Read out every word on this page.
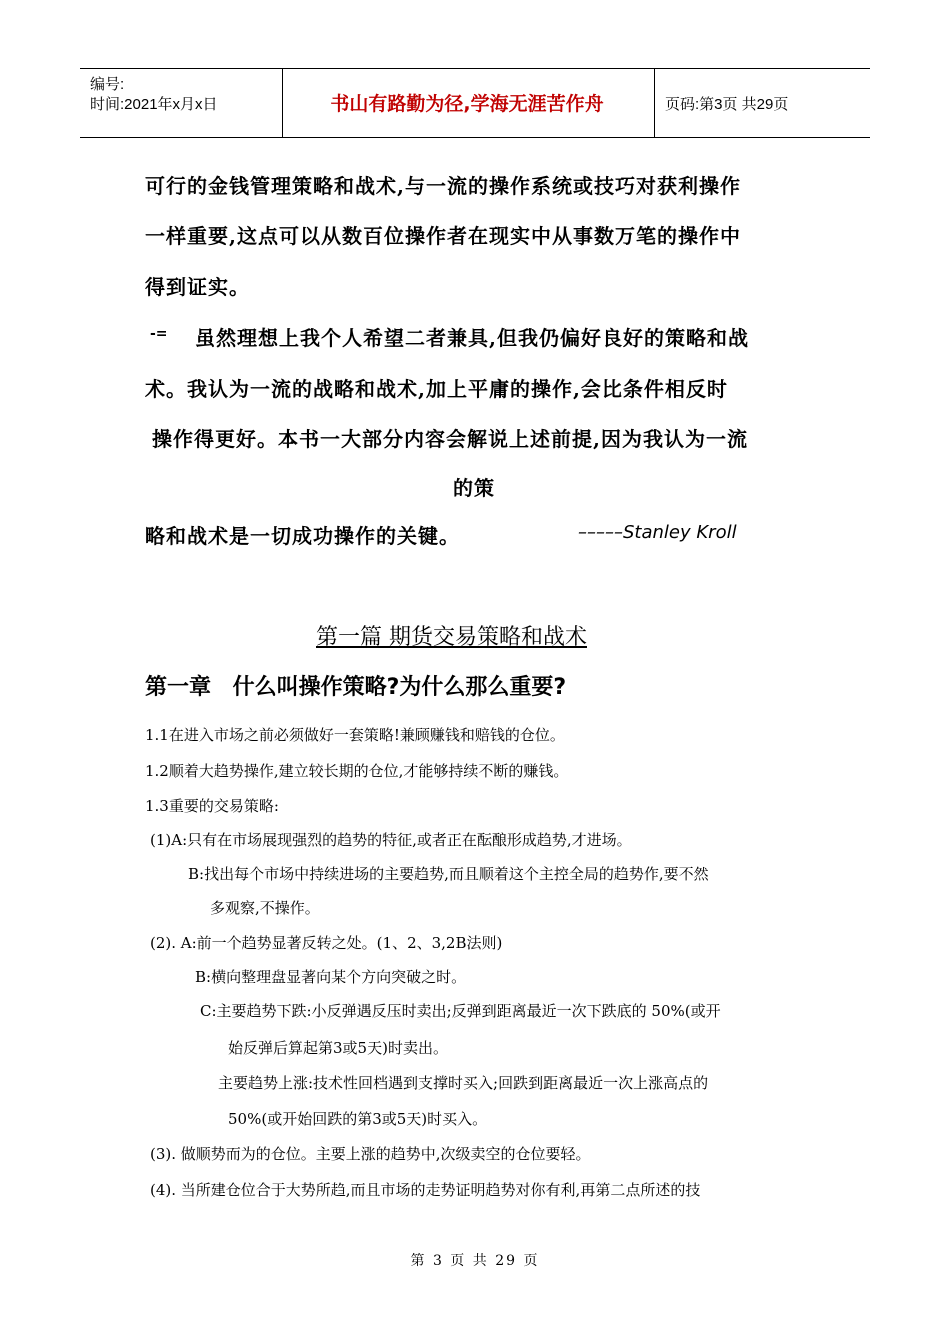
编号:
时间:2021年x月x日	书山有路勤为径,学海无涯苦作舟	页码:第3页 共29页
可行的金钱管理策略和战术,与一流的操作系统或技巧对获利操作
一样重要,这点可以从数百位操作者在现实中从事数万笔的操作中
得到证实。
-= 虽然理想上我个人希望二者兼具,但我仍偏好良好的策略和战
术。我认为一流的战略和战术,加上平庸的操作,会比条件相反时
操作得更好。本书一大部分内容会解说上述前提,因为我认为一流
的策
略和战术是一切成功操作的关键。	–––––Stanley Kroll
第一篇 期货交易策略和战术
第一章 什么叫操作策略?为什么那么重要?
1.1在进入市场之前必须做好一套策略!兼顾赚钱和赔钱的仓位。
1.2顺着大趋势操作,建立较长期的仓位,才能够持续不断的赚钱。
1.3重要的交易策略:
(1)A:只有在市场展现强烈的趋势的特征,或者正在酝酿形成趋势,才进场。
B:找出每个市场中持续进场的主要趋势,而且顺着这个主控全局的趋势作,要不然
多观察,不操作。
(2). A:前一个趋势显著反转之处。(1、2、3,2B法则)
B:横向整理盘显著向某个方向突破之时。
C:主要趋势下跌:小反弹遇反压时卖出;反弹到距离最近一次下跌底的 50%(或开
始反弹后算起第3或5天)时卖出。
主要趋势上涨:技术性回档遇到支撑时买入;回跌到距离最近一次上涨高点的
50%(或开始回跌的第3或5天)时买入。
(3). 做顺势而为的仓位。主要上涨的趋势中,次级卖空的仓位要轻。
(4). 当所建仓位合于大势所趋,而且市场的走势证明趋势对你有利,再第二点所述的技
第 3 页 共 29 页
